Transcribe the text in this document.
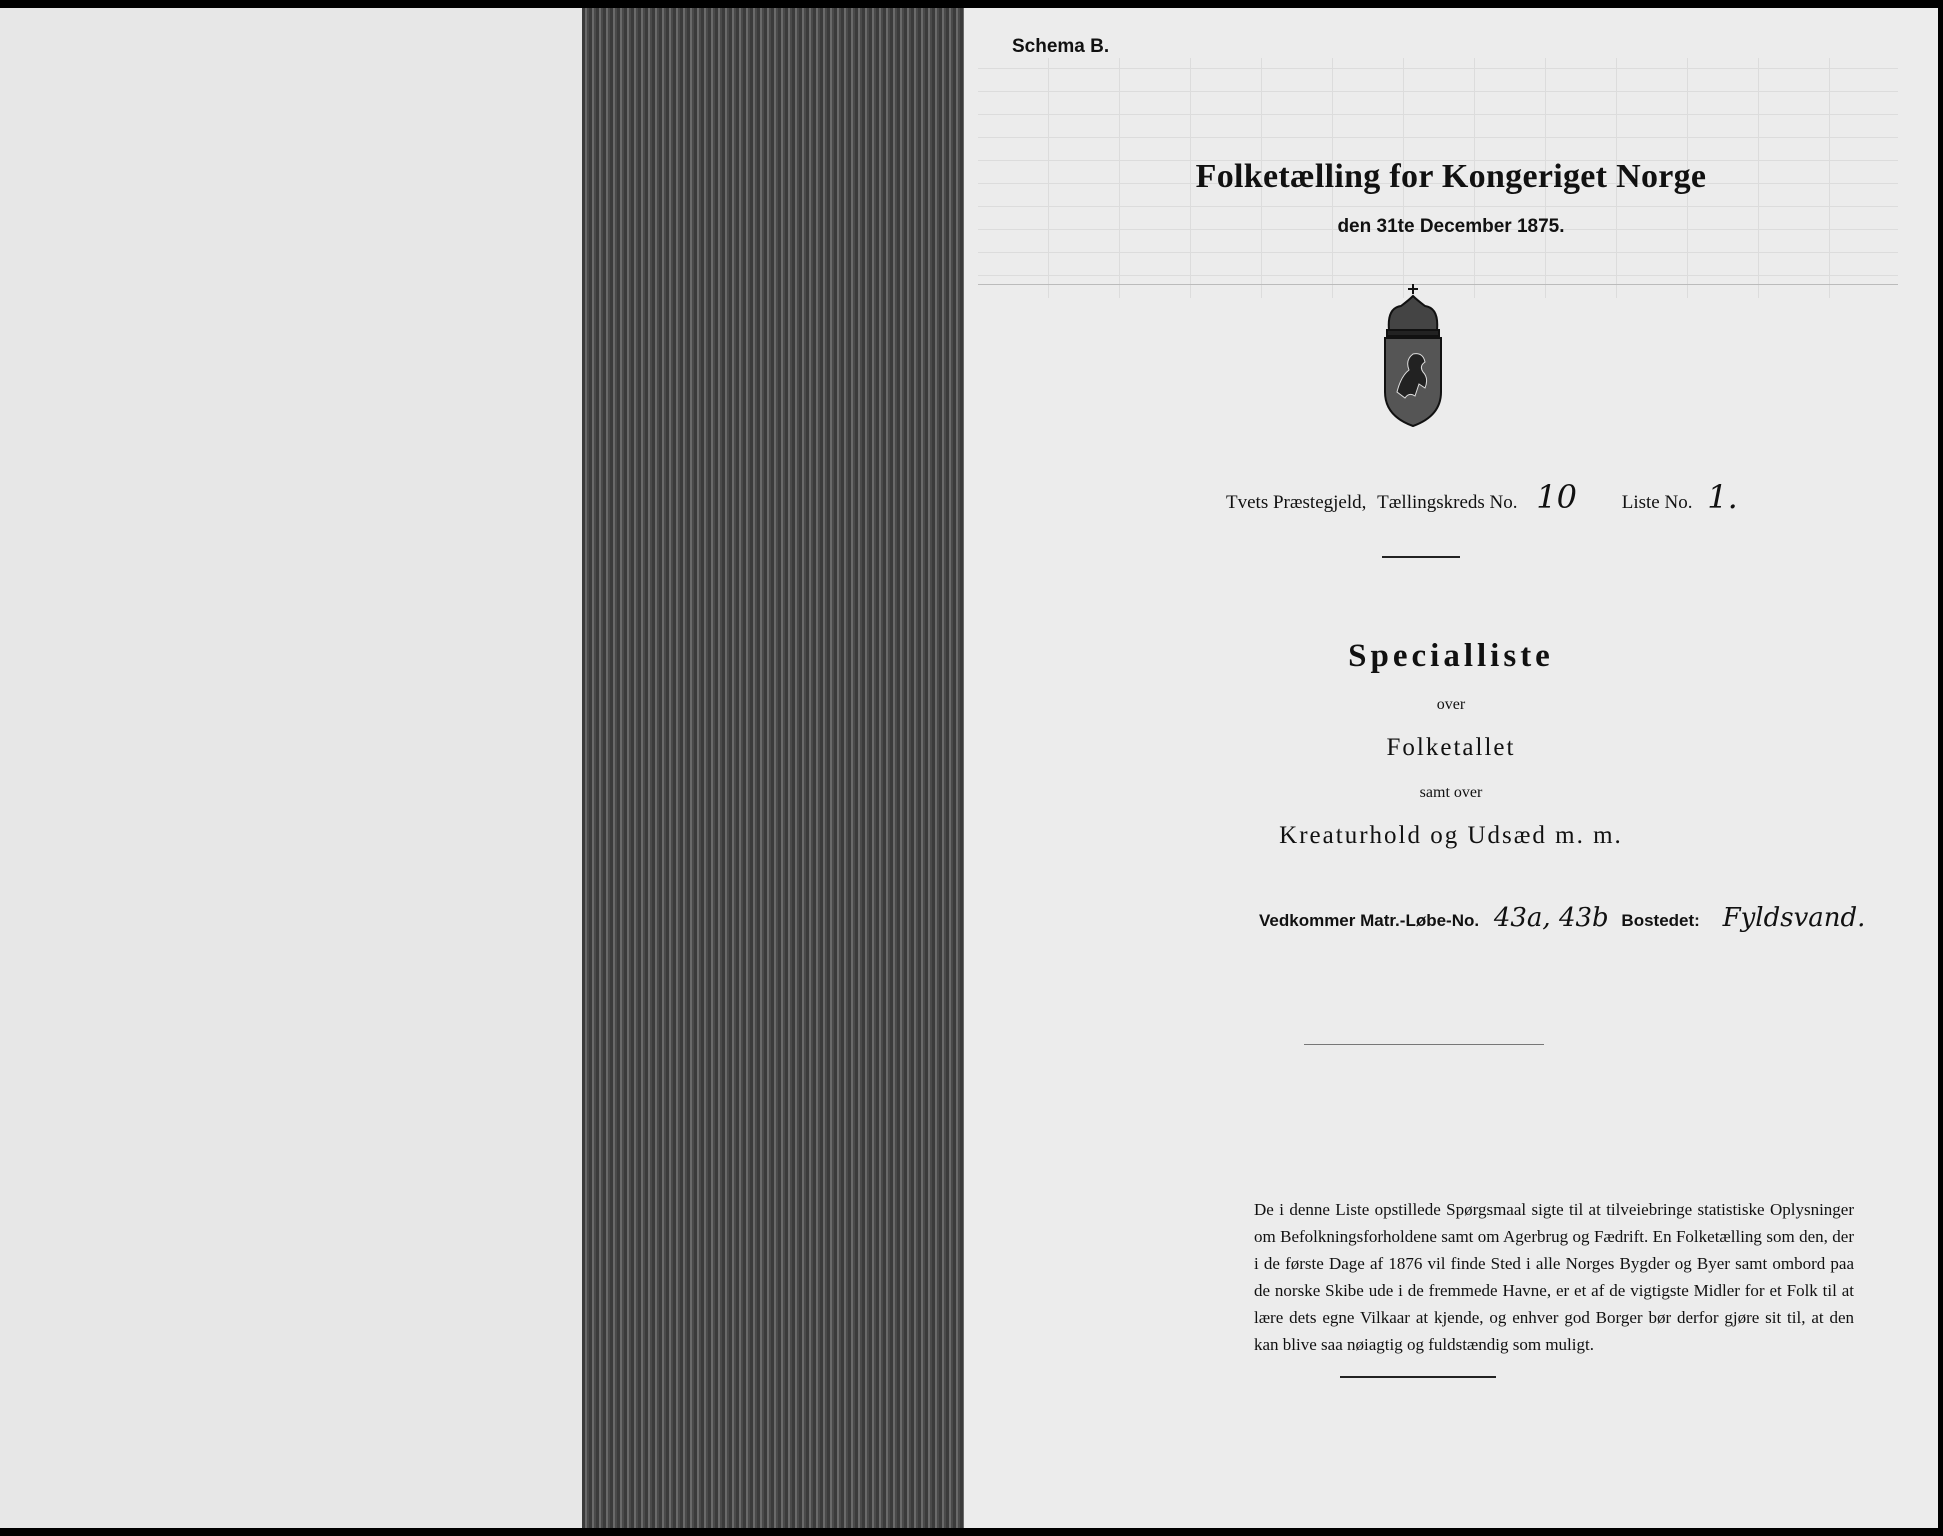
Schema B.
Folketælling for Kongeriget Norge
den 31te December 1875.
Tvets Præstegjeld, Tællingskreds No. 10 Liste No. 1.
Specialliste
over
Folketallet
samt over
Kreaturhold og Udsæd m. m.
Vedkommer Matr.-Løbe-No. 43a, 43b Bostedet: Fyldsvand.
De i denne Liste opstillede Spørgsmaal sigte til at tilveiebringe statistiske Oplysninger om Befolkningsforholdene samt om Agerbrug og Fædrift. En Folketælling som den, der i de første Dage af 1876 vil finde Sted i alle Norges Bygder og Byer samt ombord paa de norske Skibe ude i de fremmede Havne, er et af de vigtigste Midler for et Folk til at lære dets egne Vilkaar at kjende, og enhver god Borger bør derfor gjøre sit til, at den kan blive saa nøiagtig og fuldstændig som muligt.
